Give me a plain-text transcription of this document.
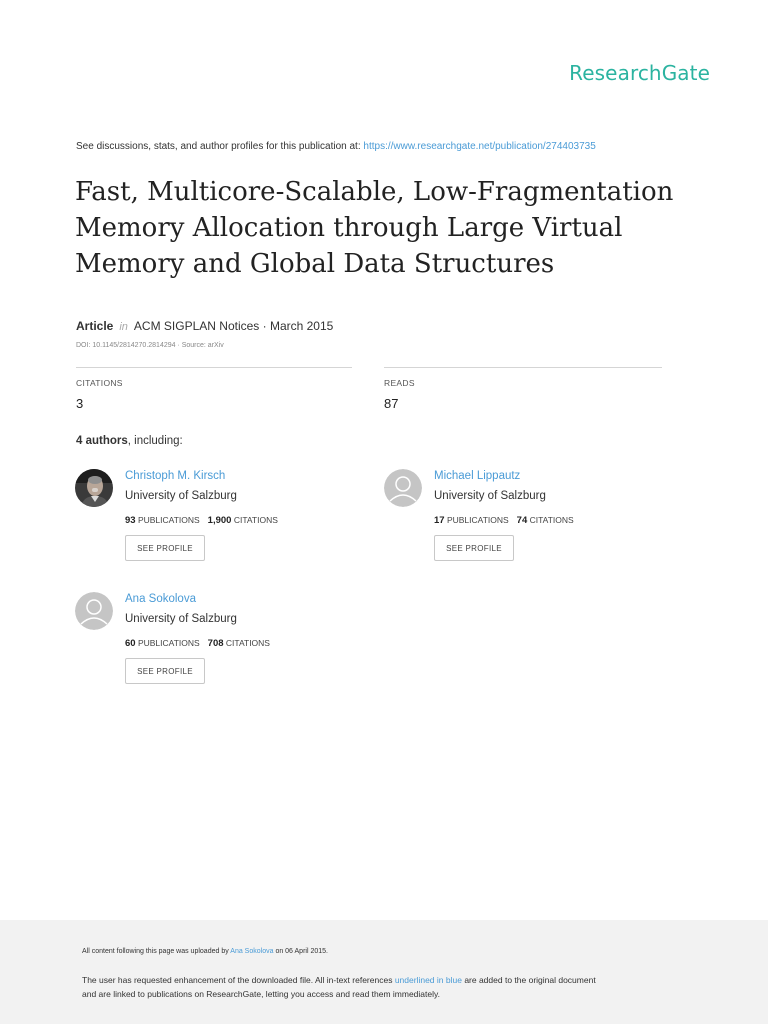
ResearchGate
See discussions, stats, and author profiles for this publication at: https://www.researchgate.net/publication/274403735
Fast, Multicore-Scalable, Low-Fragmentation
Memory Allocation through Large Virtual
Memory and Global Data Structures
Article in ACM SIGPLAN Notices · March 2015
DOI: 10.1145/2814270.2814294 · Source: arXiv
CITATIONS
3
READS
87
4 authors, including:
Christoph M. Kirsch
University of Salzburg
93 PUBLICATIONS 1,900 CITATIONS
SEE PROFILE
Michael Lippautz
University of Salzburg
17 PUBLICATIONS 74 CITATIONS
SEE PROFILE
Ana Sokolova
University of Salzburg
60 PUBLICATIONS 708 CITATIONS
SEE PROFILE
All content following this page was uploaded by Ana Sokolova on 06 April 2015.
The user has requested enhancement of the downloaded file. All in-text references underlined in blue are added to the original document
and are linked to publications on ResearchGate, letting you access and read them immediately.
